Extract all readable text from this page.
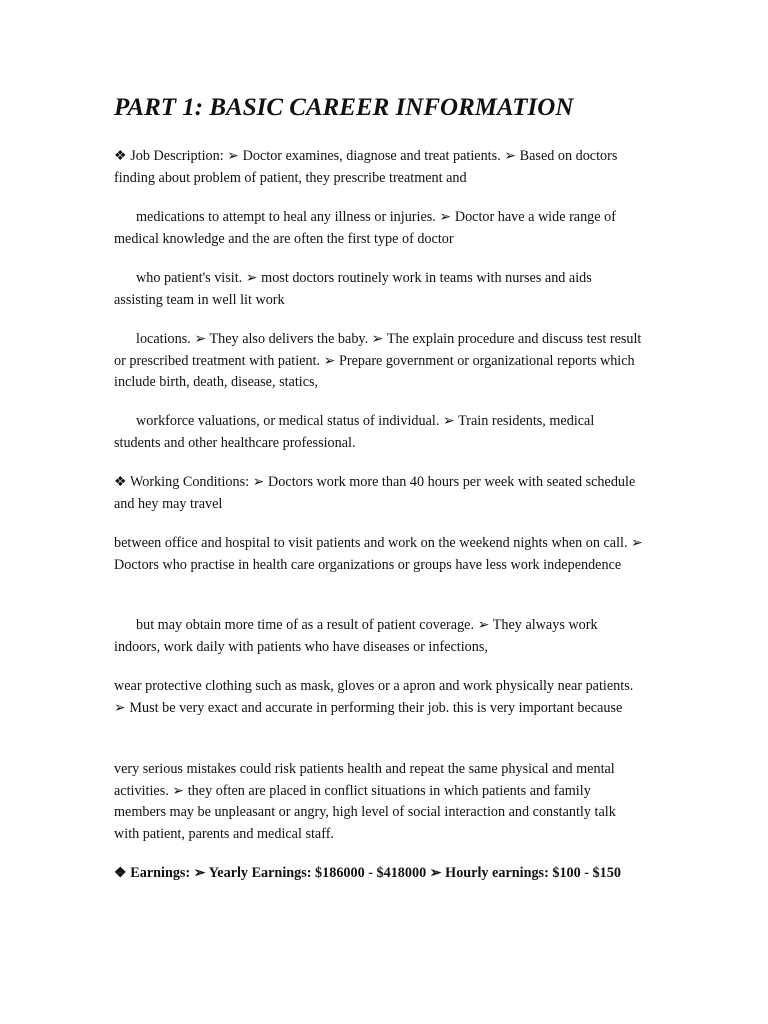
PART 1: BASIC CAREER INFORMATION

❖ Job Description: ➢ Doctor examines, diagnose and treat patients. ➢ Based on doctors finding about problem of patient, they prescribe treatment and

medications to attempt to heal any illness or injuries. ➢ Doctor have a wide range of medical knowledge and the are often the first type of doctor

who patient's visit. ➢ most doctors routinely work in teams with nurses and aids assisting team in well lit work

locations. ➢ They also delivers the baby. ➢ The explain procedure and discuss test result or prescribed treatment with patient. ➢ Prepare government or organizational reports which include birth, death, disease, statics,

workforce valuations, or medical status of individual. ➢ Train residents, medical students and other healthcare professional.

❖ Working Conditions: ➢ Doctors work more than 40 hours per week with seated schedule and hey may travel

between office and hospital to visit patients and work on the weekend nights when on call. ➢ Doctors who practise in health care organizations or groups have less work independence

but may obtain more time of as a result of patient coverage. ➢ They always work indoors, work daily with patients who have diseases or infections,

wear protective clothing such as mask, gloves or a apron and work physically near patients. ➢ Must be very exact and accurate in performing their job. this is very important because

very serious mistakes could risk patients health and repeat the same physical and mental activities. ➢ they often are placed in conflict situations in which patients and family members may be unpleasant or angry, high level of social interaction and constantly talk with patient, parents and medical staff.

❖ Earnings: ➢ Yearly Earnings: $186000 - $418000 ➢ Hourly earnings: $100 - $150
